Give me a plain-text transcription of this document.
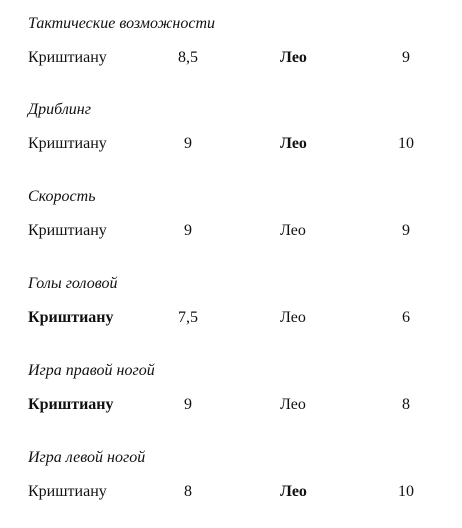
Тактические возможности
Криштиану	8,5	Лео	9
Дриблинг
Криштиану	9	Лео	10
Скорость
Криштиану	9	Лео	9
Голы головой
Криштиану	7,5	Лео	6
Игра правой ногой
Криштиану	9	Лео	8
Игра левой ногой
Криштиану	8	Лео	10
